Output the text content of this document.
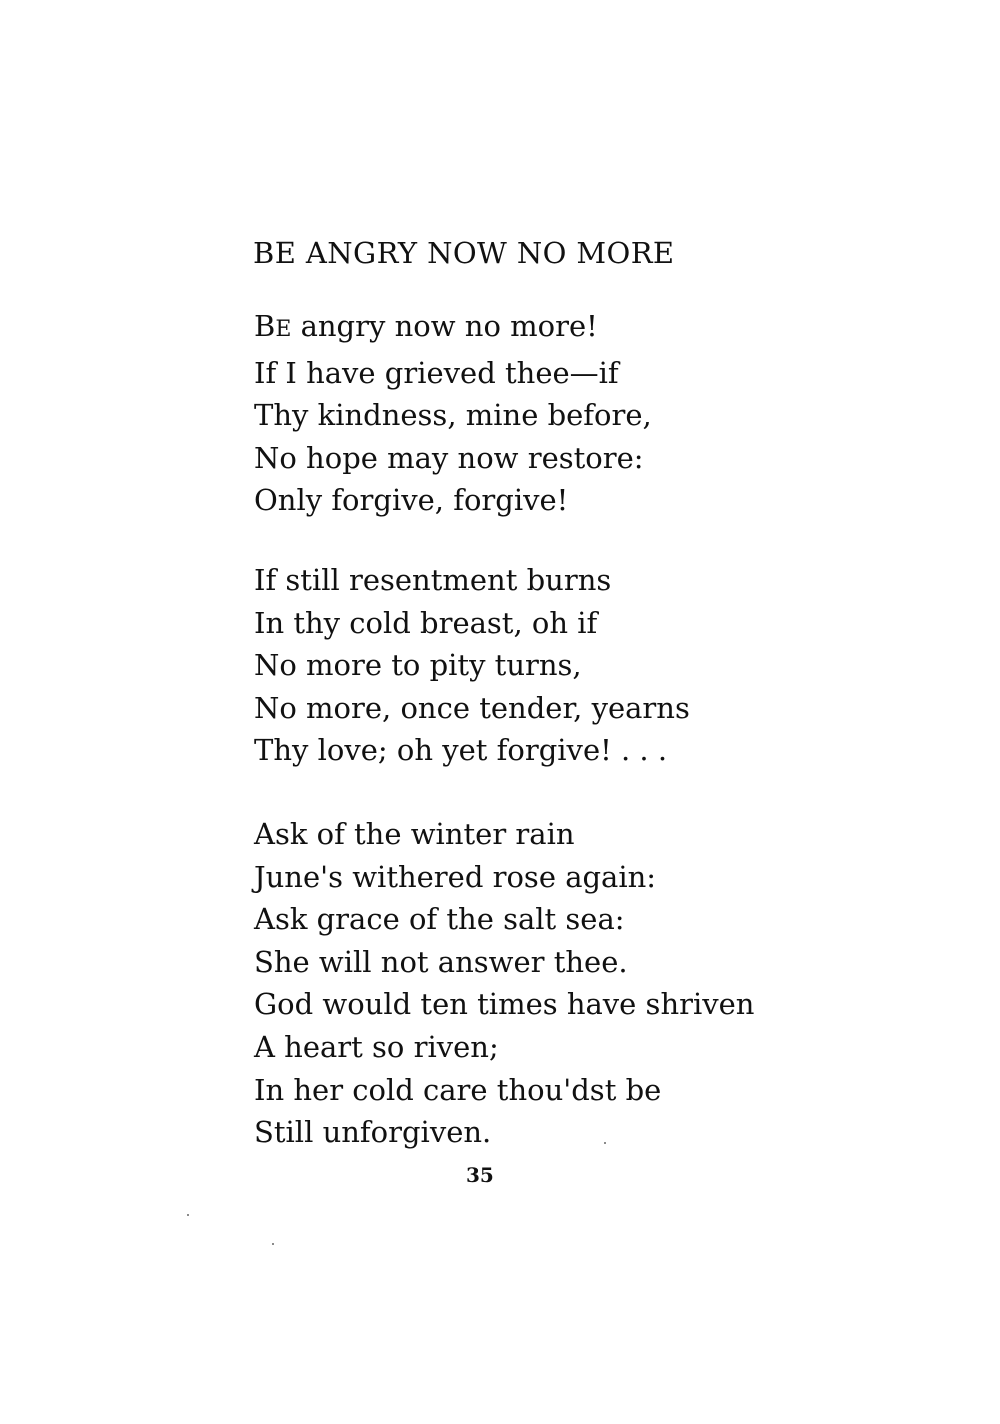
BE ANGRY NOW NO MORE
BE angry now no more!
If I have grieved thee—if
Thy kindness, mine before,
No hope may now restore:
Only forgive, forgive!
If still resentment burns
In thy cold breast, oh if
No more to pity turns,
No more, once tender, yearns
Thy love; oh yet forgive! . . .
Ask of the winter rain
June's withered rose again:
Ask grace of the salt sea:
She will not answer thee.
God would ten times have shriven
A heart so riven;
In her cold care thou'dst be
Still unforgiven.
35
